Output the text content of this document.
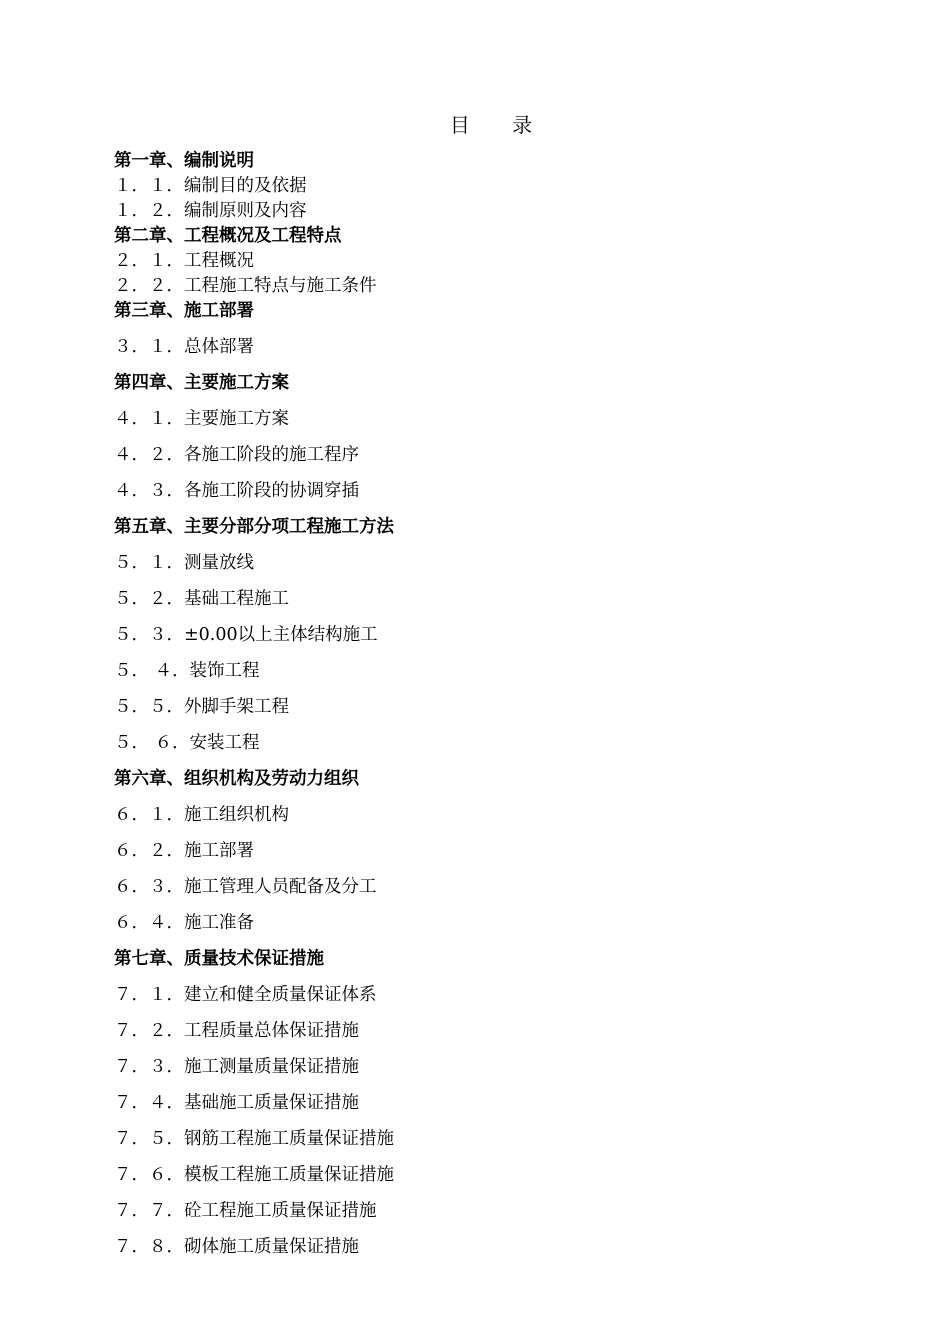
目 录
第一章、编制说明
１．１．编制目的及依据
１．２．编制原则及内容
第二章、工程概况及工程特点
２．１．工程概况
２．２．工程施工特点与施工条件
第三章、施工部署
３．１．总体部署
第四章、主要施工方案
４．１．主要施工方案
４．２．各施工阶段的施工程序
４．３．各施工阶段的协调穿插
第五章、主要分部分项工程施工方法
５．１．测量放线
５．２．基础工程施工
５．３．±0.00以上主体结构施工
５． ４．装饰工程
５．５．外脚手架工程
５． ６．安装工程
第六章、组织机构及劳动力组织
６．１．施工组织机构
６．２．施工部署
６．３．施工管理人员配备及分工
６．４．施工准备
第七章、质量技术保证措施
７．１．建立和健全质量保证体系
７．２．工程质量总体保证措施
７．３．施工测量质量保证措施
７．４．基础施工质量保证措施
７．５．钢筋工程施工质量保证措施
７．６．模板工程施工质量保证措施
７．７．砼工程施工质量保证措施
７．８．砌体施工质量保证措施
